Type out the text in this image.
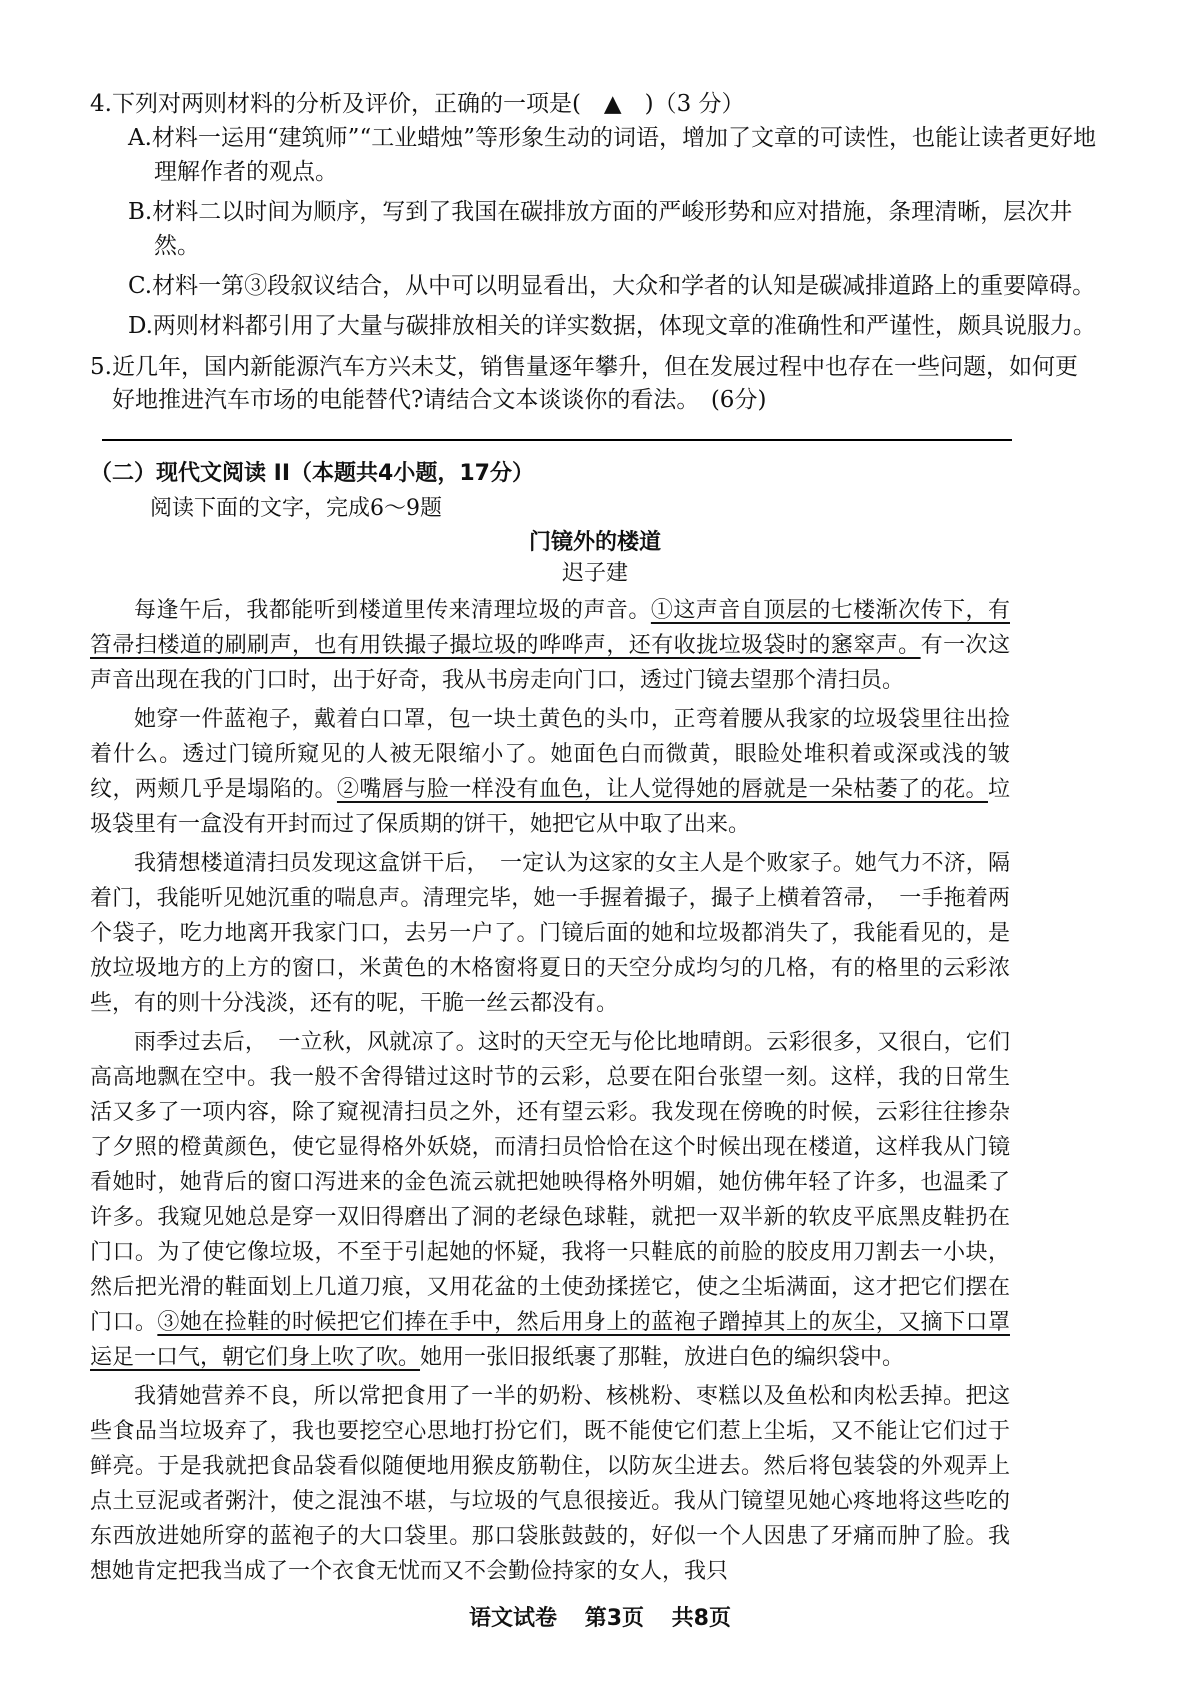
4.下列对两则材料的分析及评价，正确的一项是(　▲　)（3 分）

A.材料一运用“建筑师”“工业蜡烛”等形象生动的词语，增加了文章的可读性，也能让读者更好地理解作者的观点。

B.材料二以时间为顺序，写到了我国在碳排放方面的严峻形势和应对措施，条理清晰，层次井然。

C.材料一第③段叙议结合，从中可以明显看出，大众和学者的认知是碳减排道路上的重要障碍。

D.两则材料都引用了大量与碳排放相关的详实数据，体现文章的准确性和严谨性，颇具说服力。

5.近几年，国内新能源汽车方兴未艾，销售量逐年攀升，但在发展过程中也存在一些问题，如何更好地推进汽车市场的电能替代?请结合文本谈谈你的看法。　(6分)

（二）现代文阅读 II（本题共4小题，17分）

阅读下面的文字，完成6～9题

门镜外的楼道

迟子建

每逢午后，我都能听到楼道里传来清理垃圾的声音。①这声音自顶层的七楼渐次传下，有笤帚扫楼道的刷刷声，也有用铁撮子撮垃圾的哗哗声，还有收拢垃圾袋时的窸窣声。有一次这声音出现在我的门口时，出于好奇，我从书房走向门口，透过门镜去望那个清扫员。

她穿一件蓝袍子，戴着白口罩，包一块土黄色的头巾，正弯着腰从我家的垃圾袋里往出捡着什么。透过门镜所窥见的人被无限缩小了。她面色白而微黄，眼睑处堆积着或深或浅的皱纹，两颊几乎是塌陷的。②嘴唇与脸一样没有血色，让人觉得她的唇就是一朵枯萎了的花。垃圾袋里有一盒没有开封而过了保质期的饼干，她把它从中取了出来。

我猜想楼道清扫员发现这盒饼干后，　一定认为这家的女主人是个败家子。她气力不济，隔着门，我能听见她沉重的喘息声。清理完毕，她一手握着撮子，撮子上横着笤帚，　一手拖着两个袋子，吃力地离开我家门口，去另一户了。门镜后面的她和垃圾都消失了，我能看见的，是放垃圾地方的上方的窗口，米黄色的木格窗将夏日的天空分成均匀的几格，有的格里的云彩浓些，有的则十分浅淡，还有的呢，干脆一丝云都没有。

雨季过去后，　一立秋，风就凉了。这时的天空无与伦比地晴朗。云彩很多，又很白，它们高高地飘在空中。我一般不舍得错过这时节的云彩，总要在阳台张望一刻。这样，我的日常生活又多了一项内容，除了窥视清扫员之外，还有望云彩。我发现在傍晚的时候，云彩往往掺杂了夕照的橙黄颜色，使它显得格外妖娆，而清扫员恰恰在这个时候出现在楼道，这样我从门镜看她时，她背后的窗口泻进来的金色流云就把她映得格外明媚，她仿佛年轻了许多，也温柔了许多。我窥见她总是穿一双旧得磨出了洞的老绿色球鞋，就把一双半新的软皮平底黑皮鞋扔在门口。为了使它像垃圾，不至于引起她的怀疑，我将一只鞋底的前脸的胶皮用刀割去一小块，然后把光滑的鞋面划上几道刀痕，又用花盆的土使劲揉搓它，使之尘垢满面，这才把它们摆在门口。③她在捡鞋的时候把它们捧在手中，然后用身上的蓝袍子蹭掉其上的灰尘，又摘下口罩运足一口气，朝它们身上吹了吹。她用一张旧报纸裹了那鞋，放进白色的编织袋中。

我猜她营养不良，所以常把食用了一半的奶粉、核桃粉、枣糕以及鱼松和肉松丢掉。把这些食品当垃圾弃了，我也要挖空心思地打扮它们，既不能使它们惹上尘垢，又不能让它们过于鲜亮。于是我就把食品袋看似随便地用猴皮筋勒住，以防灰尘进去。然后将包装袋的外观弄上点土豆泥或者粥汁，使之混浊不堪，与垃圾的气息很接近。我从门镜望见她心疼地将这些吃的东西放进她所穿的蓝袍子的大口袋里。那口袋胀鼓鼓的，好似一个人因患了牙痛而肿了脸。我想她肯定把我当成了一个衣食无忧而又不会勤俭持家的女人，我只

语文试卷 第3页 共8页
